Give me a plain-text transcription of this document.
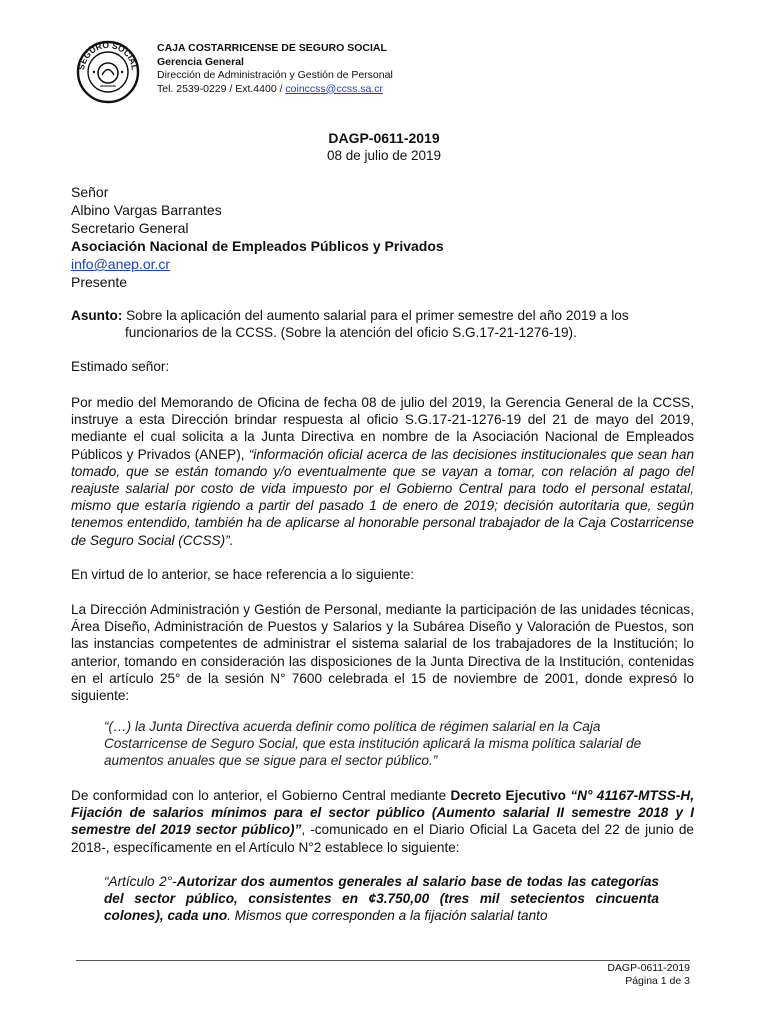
SEGURO SOCIAL
CAJA COSTARRICENSE DE SEGURO SOCIAL
Gerencia General
Dirección de Administración y Gestión de Personal
Tel. 2539-0229 / Ext.4400 / coinccss@ccss.sa.cr
DAGP-0611-2019
08 de julio de 2019
Señor
Albino Vargas Barrantes
Secretario General
Asociación Nacional de Empleados Públicos y Privados
info@anep.or.cr
Presente
Asunto: Sobre la aplicación del aumento salarial para el primer semestre del año 2019 a los
funcionarios de la CCSS. (Sobre la atención del oficio S.G.17-21-1276-19).
Estimado señor:
Por medio del Memorando de Oficina de fecha 08 de julio del 2019, la Gerencia General de la CCSS, instruye a esta Dirección brindar respuesta al oficio S.G.17-21-1276-19 del 21 de mayo del 2019, mediante el cual solicita a la Junta Directiva en nombre de la Asociación Nacional de Empleados Públicos y Privados (ANEP), “información oficial acerca de las decisiones institucionales que sean han tomado, que se están tomando y/o eventualmente que se vayan a tomar, con relación al pago del reajuste salarial por costo de vida impuesto por el Gobierno Central para todo el personal estatal, mismo que estaría rigiendo a partir del pasado 1 de enero de 2019; decisión autoritaria que, según tenemos entendido, también ha de aplicarse al honorable personal trabajador de la Caja Costarricense de Seguro Social (CCSS)”.
En virtud de lo anterior, se hace referencia a lo siguiente:
La Dirección Administración y Gestión de Personal, mediante la participación de las unidades técnicas, Área Diseño, Administración de Puestos y Salarios y la Subárea Diseño y Valoración de Puestos, son las instancias competentes de administrar el sistema salarial de los trabajadores de la Institución; lo anterior, tomando en consideración las disposiciones de la Junta Directiva de la Institución, contenidas en el artículo 25° de la sesión N° 7600 celebrada el 15 de noviembre de 2001, donde expresó lo siguiente:
“(…) la Junta Directiva acuerda definir como política de régimen salarial en la Caja Costarricense de Seguro Social, que esta institución aplicará la misma política salarial de aumentos anuales que se sigue para el sector público.”
De conformidad con lo anterior, el Gobierno Central mediante Decreto Ejecutivo “N° 41167-MTSS-H, Fijación de salarios mínimos para el sector público (Aumento salarial II semestre 2018 y I semestre del 2019 sector público)”, -comunicado en el Diario Oficial La Gaceta del 22 de junio de 2018-, específicamente en el Artículo N°2 establece lo siguiente:
“Artículo 2°-Autorizar dos aumentos generales al salario base de todas las categorías del sector público, consistentes en ¢3.750,00 (tres mil setecientos cincuenta colones), cada uno. Mismos que corresponden a la fijación salarial tanto
DAGP-0611-2019
Página 1 de 3
